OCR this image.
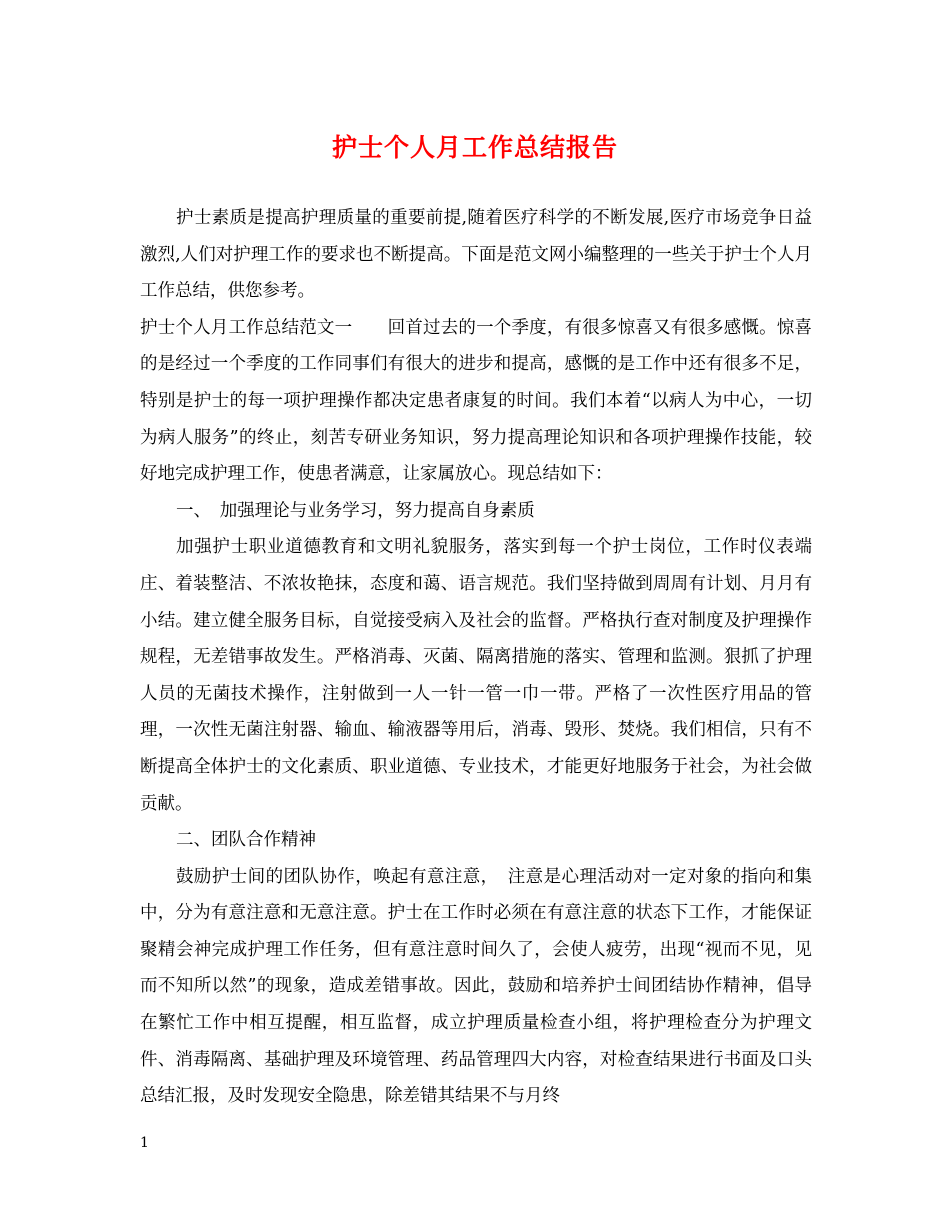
护士个人月工作总结报告

护士素质是提高护理质量的重要前提,随着医疗科学的不断发展,医疗市场竞争日益激烈,人们对护理工作的要求也不断提高。下面是范文网小编整理的一些关于护士个人月工作总结，供您参考。

护士个人月工作总结范文一　　回首过去的一个季度，有很多惊喜又有很多感慨。惊喜的是经过一个季度的工作同事们有很大的进步和提高，感慨的是工作中还有很多不足，特别是护士的每一项护理操作都决定患者康复的时间。我们本着“以病人为中心，一切为病人服务”的终止，刻苦专研业务知识，努力提高理论知识和各项护理操作技能，较好地完成护理工作，使患者满意，让家属放心。现总结如下：

一、　加强理论与业务学习，努力提高自身素质

加强护士职业道德教育和文明礼貌服务，落实到每一个护士岗位，工作时仪表端庄、着装整洁、不浓妆艳抹，态度和蔼、语言规范。我们坚持做到周周有计划、月月有小结。建立健全服务目标，自觉接受病入及社会的监督。严格执行查对制度及护理操作规程，无差错事故发生。严格消毒、灭菌、隔离措施的落实、管理和监测。狠抓了护理人员的无菌技术操作，注射做到一人一针一管一巾一带。严格了一次性医疗用品的管理，一次性无菌注射器、输血、输液器等用后，消毒、毁形、焚烧。我们相信，只有不断提高全体护士的文化素质、职业道德、专业技术，才能更好地服务于社会，为社会做贡献。

二、团队合作精神

鼓励护士间的团队协作，唤起有意注意，　注意是心理活动对一定对象的指向和集中，分为有意注意和无意注意。护士在工作时必须在有意注意的状态下工作，才能保证聚精会神完成护理工作任务，但有意注意时间久了，会使人疲劳，出现“视而不见，见而不知所以然”的现象，造成差错事故。因此，鼓励和培养护士间团结协作精神，倡导在繁忙工作中相互提醒，相互监督，成立护理质量检查小组，将护理检查分为护理文件、消毒隔离、基础护理及环境管理、药品管理四大内容，对检查结果进行书面及口头总结汇报，及时发现安全隐患，除差错其结果不与月终

1
